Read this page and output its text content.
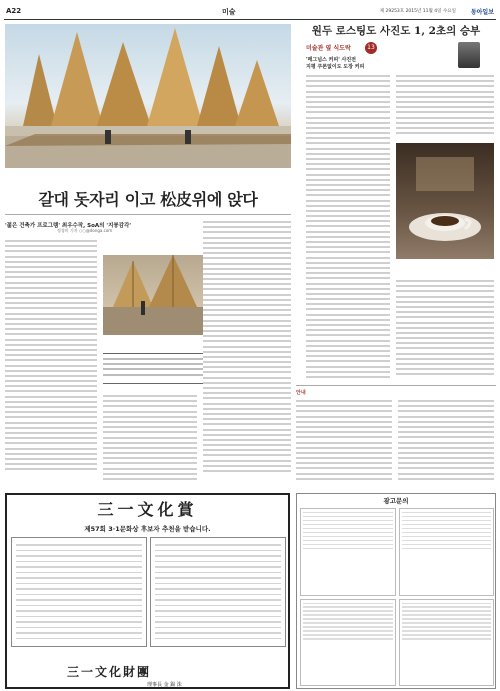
A22	미술	제 29253호 2015년 11월 4일 수요일 동아일보
갈대 돗자리 이고 松皮위에 앉다
'젊은 건축가 프로그램' 최우수작, SoA의 '지붕감각'
정경미 기자 ○○@donga.com
원두 로스팅도 사진도 1, 2초의 승부
미술관 옆 식도락	13
'매그넘스 커피' 사진전
지평 쿠폰없이도 도장 커피
안내
三一文化賞
제57회 3·1문화상 후보자 추천을 받습니다.
三一文化財團
理事長 金 錫 洙
광고문의
